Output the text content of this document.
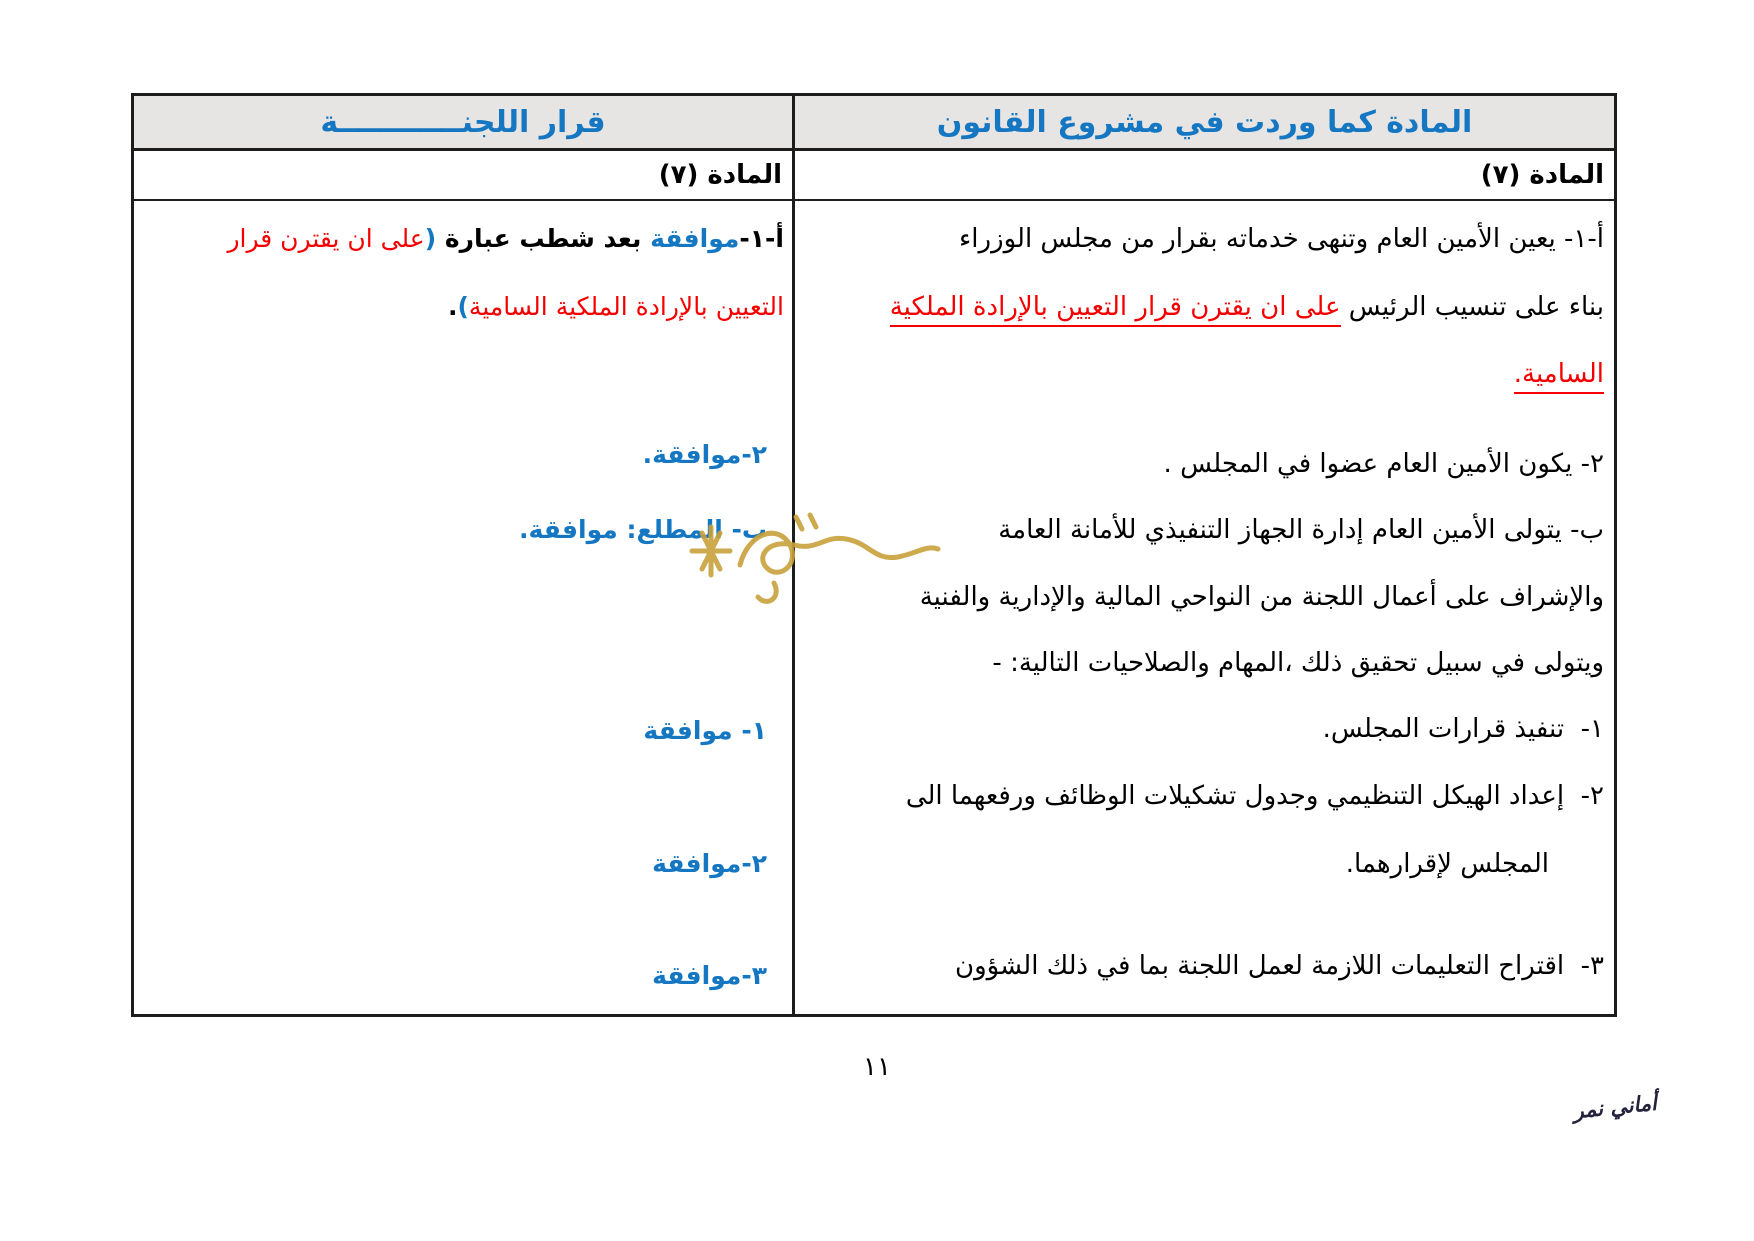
المادة كما وردت في مشروع القانون
قرار اللجنــــــــــــة
المادة (٧)
المادة (٧)
أ-١- يعين الأمين العام وتنهى خدماته بقرار من مجلس الوزراء
بناء على تنسيب الرئيس على ان يقترن قرار التعيين بالإرادة الملكية
السامية.
٢- يكون الأمين العام عضوا في المجلس .
ب- يتولى الأمين العام إدارة الجهاز التنفيذي للأمانة العامة
والإشراف على أعمال اللجنة من النواحي المالية والإدارية والفنية
ويتولى في سبيل تحقيق ذلك ،المهام والصلاحيات التالية: -
١-  تنفيذ قرارات المجلس.
٢-  إعداد الهيكل التنظيمي وجدول تشكيلات الوظائف ورفعهما الى
المجلس لإقرارهما.
٣-  اقتراح التعليمات اللازمة لعمل اللجنة بما في ذلك الشؤون
أ-١-موافقة بعد شطب عبارة (على ان يقترن قرار
التعيين بالإرادة الملكية السامية).
٢-موافقة.
ب- المطلع: موافقة.
١- موافقة
٢-موافقة
٣-موافقة
١١
أماني نمر
